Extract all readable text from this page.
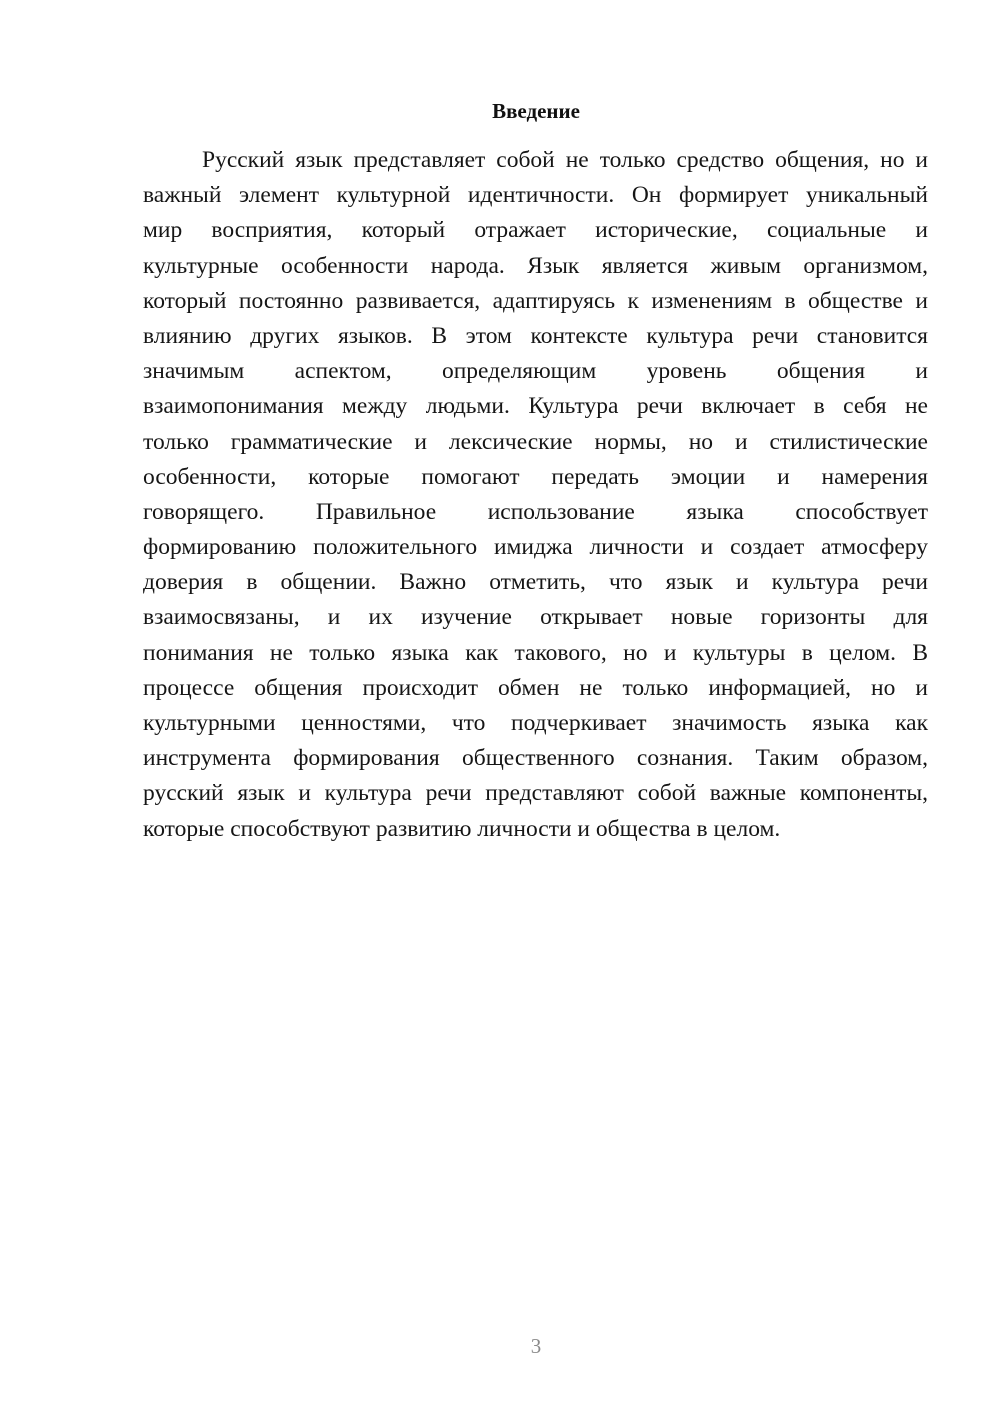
Введение
Русский язык представляет собой не только средство общения, но и
важный элемент культурной идентичности. Он формирует уникальный
мир восприятия, который отражает исторические, социальные и
культурные особенности народа. Язык является живым организмом,
который постоянно развивается, адаптируясь к изменениям в обществе и
влиянию других языков. В этом контексте культура речи становится
значимым аспектом, определяющим уровень общения и
взаимопонимания между людьми. Культура речи включает в себя не
только грамматические и лексические нормы, но и стилистические
особенности, которые помогают передать эмоции и намерения
говорящего. Правильное использование языка способствует
формированию положительного имиджа личности и создает атмосферу
доверия в общении. Важно отметить, что язык и культура речи
взаимосвязаны, и их изучение открывает новые горизонты для
понимания не только языка как такового, но и культуры в целом. В
процессе общения происходит обмен не только информацией, но и
культурными ценностями, что подчеркивает значимость языка как
инструмента формирования общественного сознания. Таким образом,
русский язык и культура речи представляют собой важные компоненты,
которые способствуют развитию личности и общества в целом.
3
